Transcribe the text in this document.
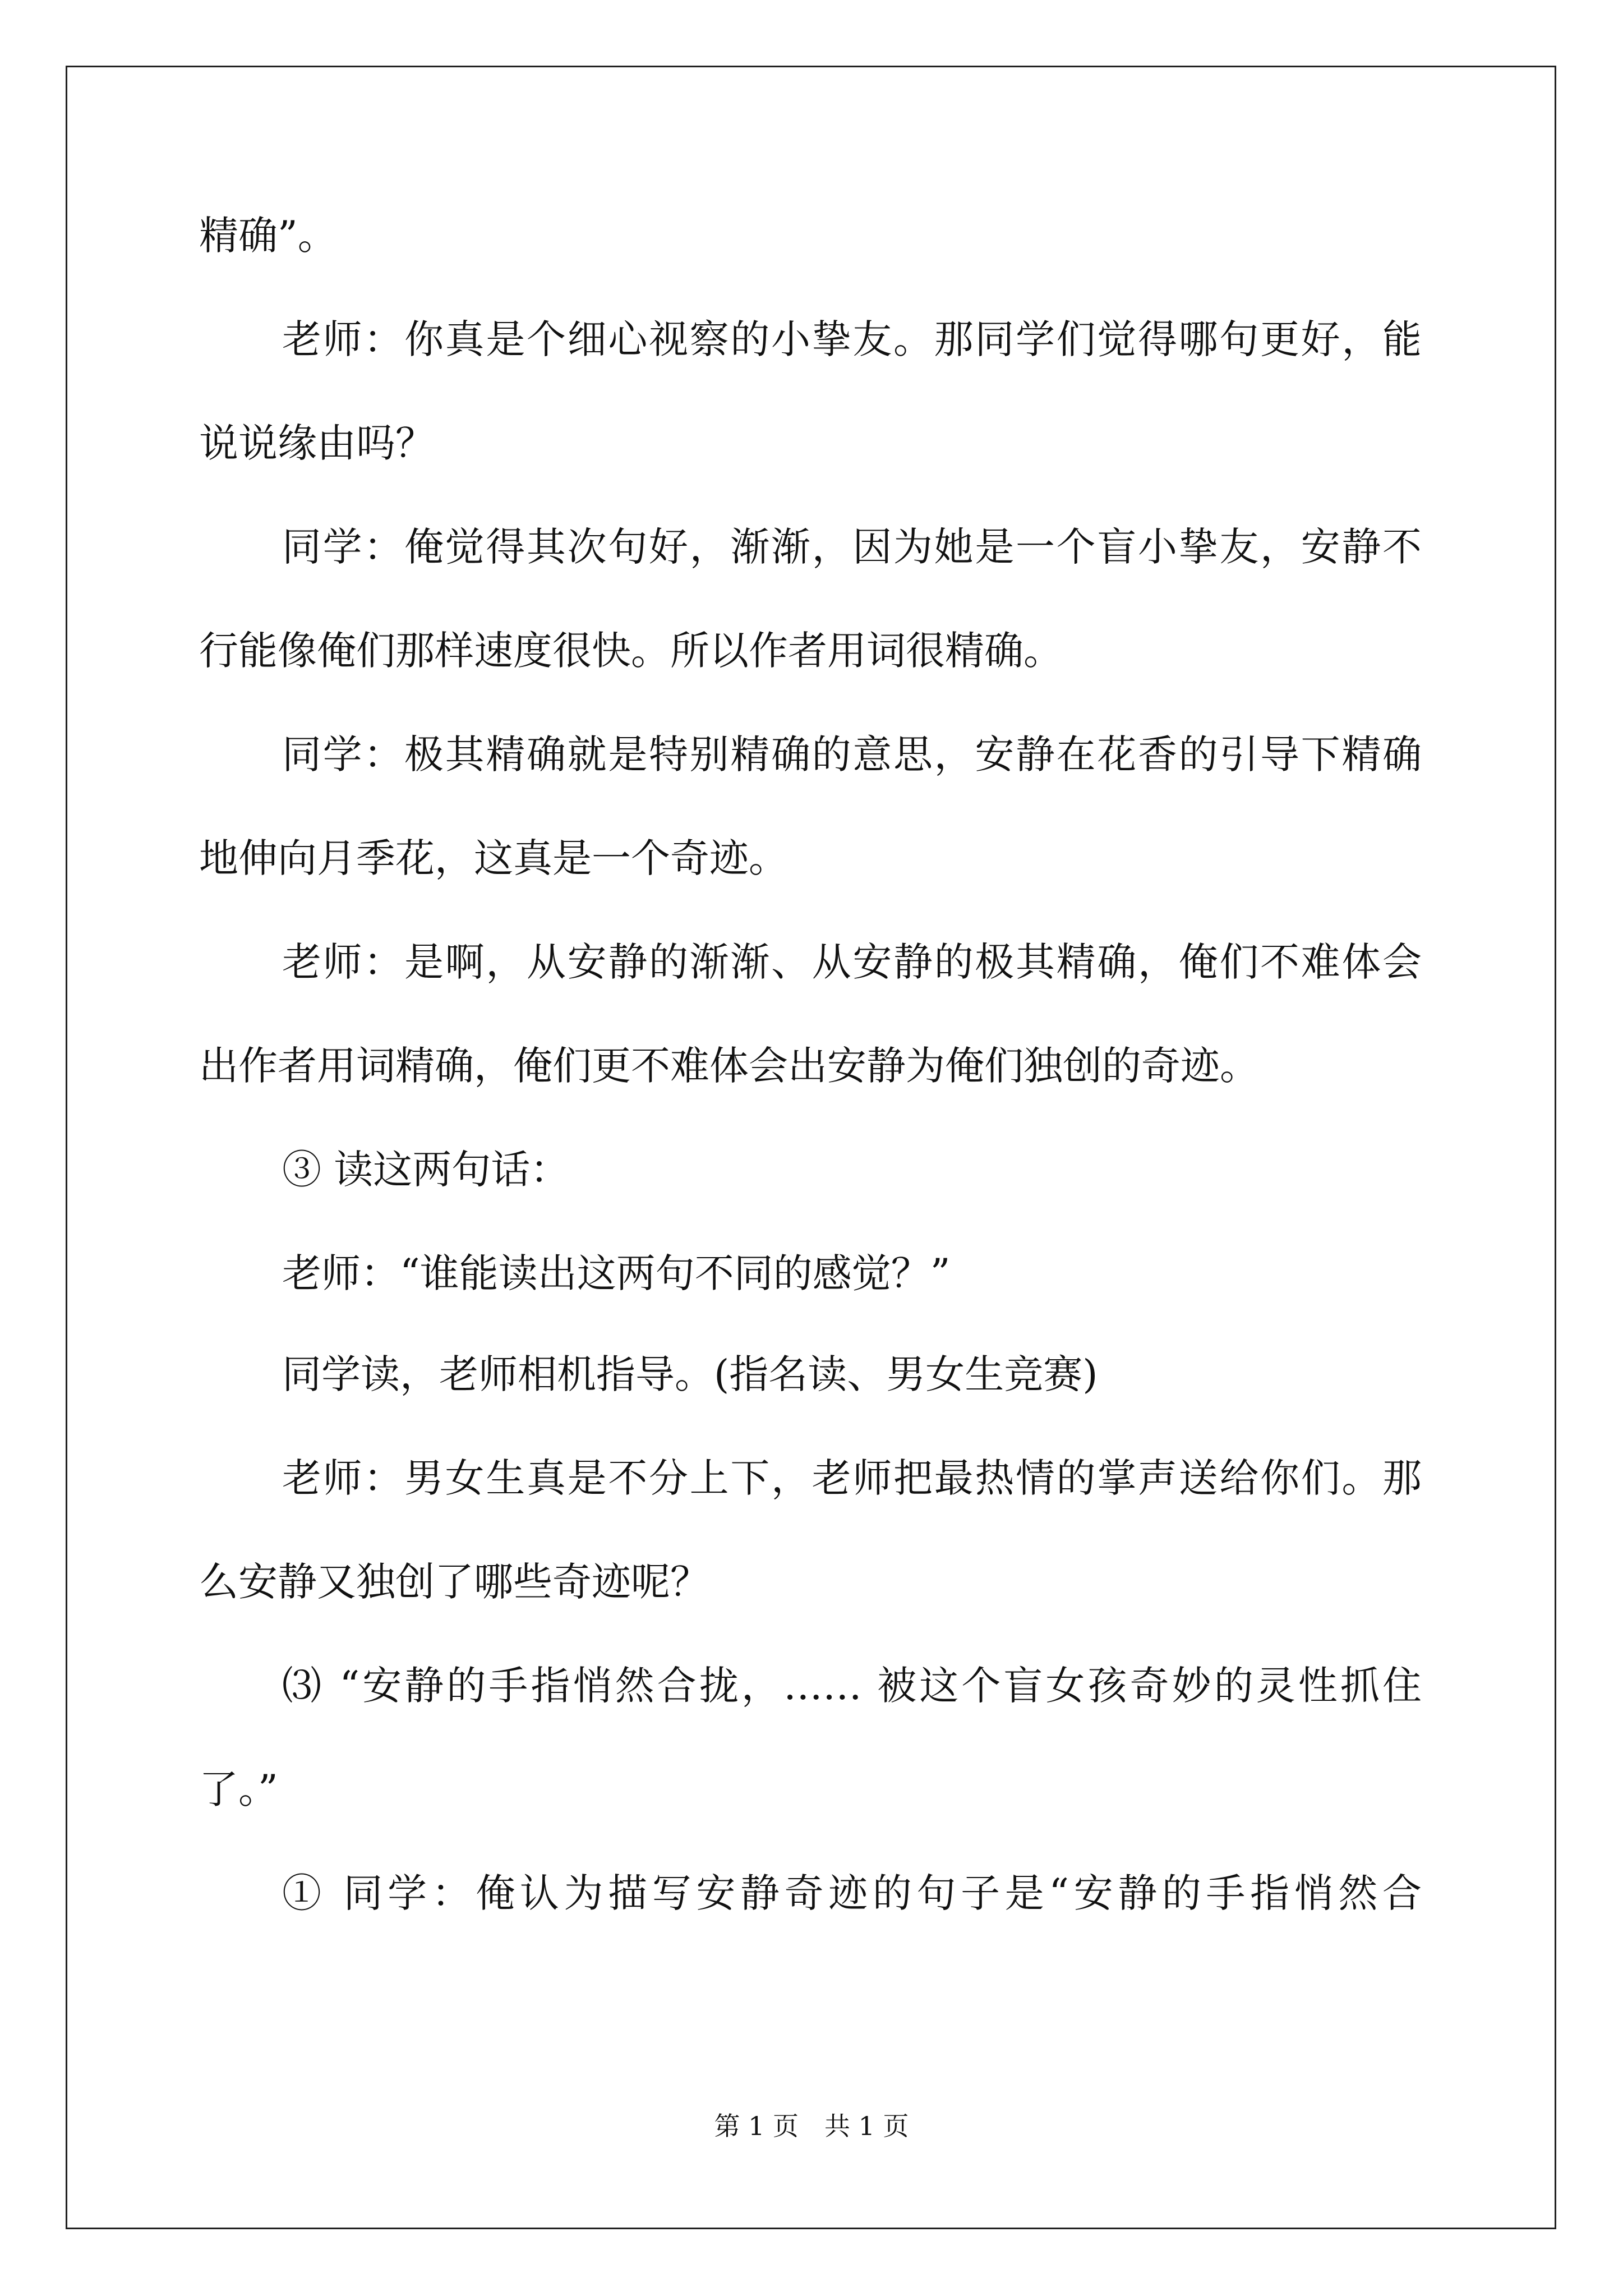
精确”。
老师：你真是个细心视察的小挚友。那同学们觉得哪句更好，能
说说缘由吗？
同学：俺觉得其次句好，渐渐，因为她是一个盲小挚友，安静不
行能像俺们那样速度很快。所以作者用词很精确。
同学：极其精确就是特别精确的意思，安静在花香的引导下精确
地伸向月季花，这真是一个奇迹。
老师：是啊，从安静的渐渐、从安静的极其精确，俺们不难体会
出作者用词精确，俺们更不难体会出安静为俺们独创的奇迹。
③ 读这两句话：
老师：“谁能读出这两句不同的感觉？”
同学读，老师相机指导。(指名读、男女生竞赛)
老师：男女生真是不分上下，老师把最热情的掌声送给你们。那
么安静又独创了哪些奇迹呢？
⑶ “安静的手指悄然合拢，…… 被这个盲女孩奇妙的灵性抓住
了。”
① 同学：俺认为描写安静奇迹的句子是“安静的手指悄然合
第 1 页 共 1 页
